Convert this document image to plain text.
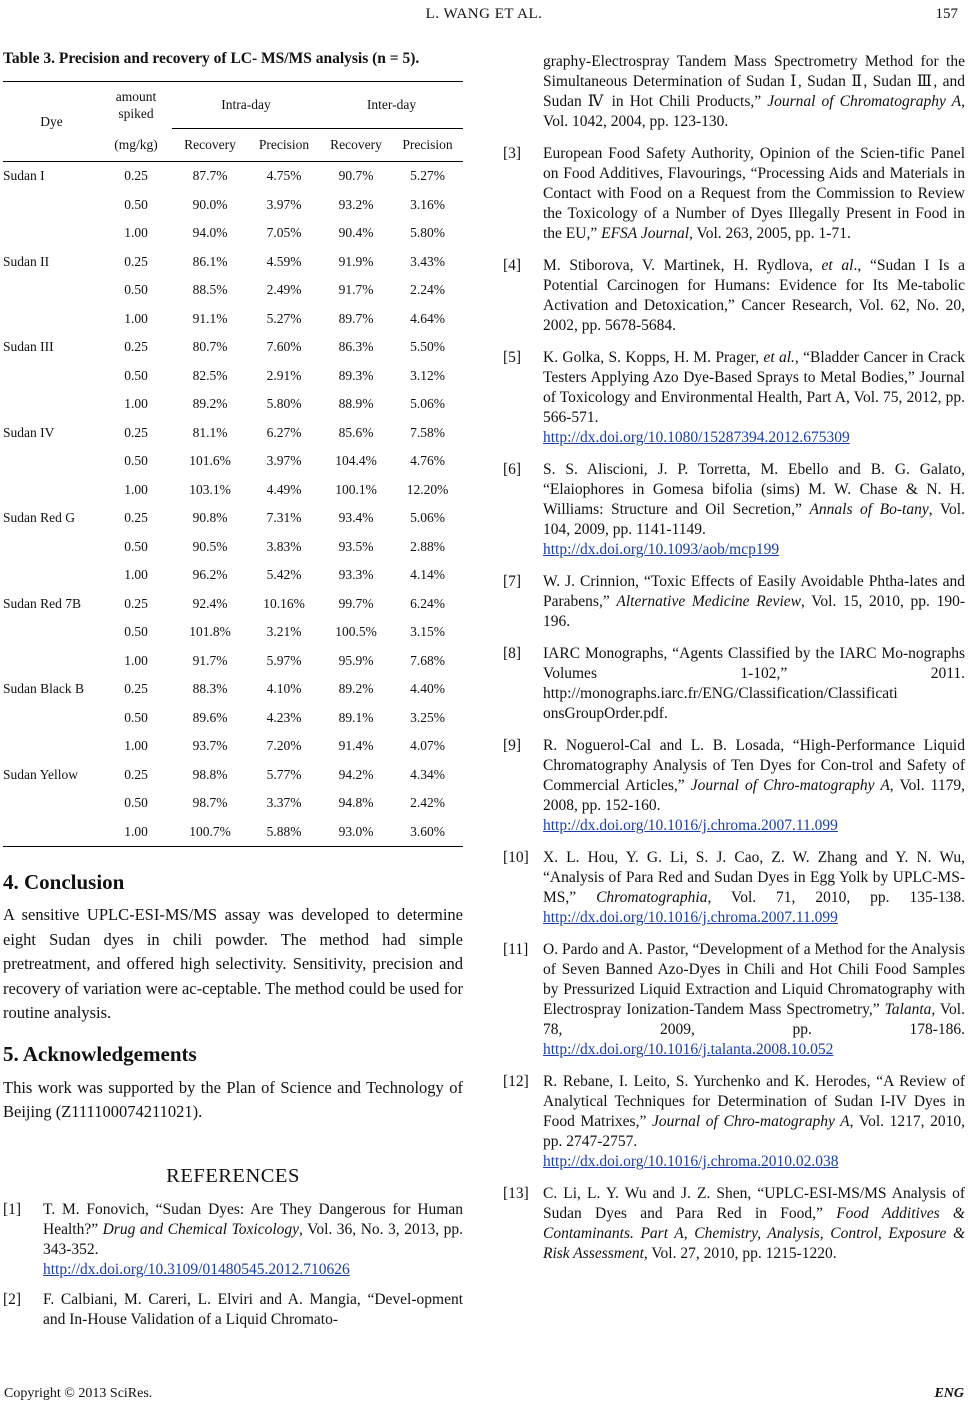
L. WANG ET AL.	157

Table 3. Precision and recovery of LC- MS/MS analysis (n = 5).

Dye	amount spiked	Intra-day		Inter-day	
	(mg/kg)	Recovery	Precision	Recovery	Precision
Sudan I	0.25	87.7%	4.75%	90.7%	5.27%
	0.50	90.0%	3.97%	93.2%	3.16%
	1.00	94.0%	7.05%	90.4%	5.80%
Sudan II	0.25	86.1%	4.59%	91.9%	3.43%
	0.50	88.5%	2.49%	91.7%	2.24%
	1.00	91.1%	5.27%	89.7%	4.64%
Sudan III	0.25	80.7%	7.60%	86.3%	5.50%
	0.50	82.5%	2.91%	89.3%	3.12%
	1.00	89.2%	5.80%	88.9%	5.06%
Sudan IV	0.25	81.1%	6.27%	85.6%	7.58%
	0.50	101.6%	3.97%	104.4%	4.76%
	1.00	103.1%	4.49%	100.1%	12.20%
Sudan Red G	0.25	90.8%	7.31%	93.4%	5.06%
	0.50	90.5%	3.83%	93.5%	2.88%
	1.00	96.2%	5.42%	93.3%	4.14%
Sudan Red 7B	0.25	92.4%	10.16%	99.7%	6.24%
	0.50	101.8%	3.21%	100.5%	3.15%
	1.00	91.7%	5.97%	95.9%	7.68%
Sudan Black B	0.25	88.3%	4.10%	89.2%	4.40%
	0.50	89.6%	4.23%	89.1%	3.25%
	1.00	93.7%	7.20%	91.4%	4.07%
Sudan Yellow	0.25	98.8%	5.77%	94.2%	4.34%
	0.50	98.7%	3.37%	94.8%	2.42%
	1.00	100.7%	5.88%	93.0%	3.60%
4. Conclusion

A sensitive UPLC-ESI-MS/MS assay was developed to determine eight Sudan dyes in chili powder. The method had simple pretreatment, and offered high selectivity. Sensitivity, precision and recovery of variation were ac-ceptable. The method could be used for routine analysis.

5. Acknowledgements

This work was supported by the Plan of Science and Technology of Beijing (Z111100074211021).

REFERENCES
[1] T. M. Fonovich, “Sudan Dyes: Are They Dangerous for Human Health?” Drug and Chemical Toxicology, Vol. 36, No. 3, 2013, pp. 343-352.
http://dx.doi.org/10.3109/01480545.2012.710626
[2] F. Calbiani, M. Careri, L. Elviri and A. Mangia, “Devel-opment and In-House Validation of a Liquid Chromato-
graphy-Electrospray Tandem Mass Spectrometry Method for the Simultaneous Determination of Sudan Ⅰ, Sudan Ⅱ, Sudan Ⅲ, and Sudan Ⅳ in Hot Chili Products,” Journal of Chromatography A, Vol. 1042, 2004, pp. 123-130.
[3] European Food Safety Authority, Opinion of the Scien-tific Panel on Food Additives, Flavourings, “Processing Aids and Materials in Contact with Food on a Request from the Commission to Review the Toxicology of a Number of Dyes Illegally Present in Food in the EU,” EFSA Journal, Vol. 263, 2005, pp. 1-71.
[4] M. Stiborova, V. Martinek, H. Rydlova, et al., “Sudan I Is a Potential Carcinogen for Humans: Evidence for Its Me-tabolic Activation and Detoxication,” Cancer Research, Vol. 62, No. 20, 2002, pp. 5678-5684.
[5] K. Golka, S. Kopps, H. M. Prager, et al., “Bladder Cancer in Crack Testers Applying Azo Dye-Based Sprays to Metal Bodies,” Journal of Toxicology and Environmental Health, Part A, Vol. 75, 2012, pp. 566-571.
http://dx.doi.org/10.1080/15287394.2012.675309
[6] S. S. Aliscioni, J. P. Torretta, M. Ebello and B. G. Galato, “Elaiophores in Gomesa bifolia (sims) M. W. Chase & N. H. Williams: Structure and Oil Secretion,” Annals of Bo-tany, Vol. 104, 2009, pp. 1141-1149.
http://dx.doi.org/10.1093/aob/mcp199
[7] W. J. Crinnion, “Toxic Effects of Easily Avoidable Phtha-lates and Parabens,” Alternative Medicine Review, Vol. 15, 2010, pp. 190-196.
[8] IARC Monographs, “Agents Classified by the IARC Mo-nographs Volumes 1-102,” 2011. http://monographs.iarc.fr/ENG/Classification/Classificati onsGroupOrder.pdf.
[9] R. Noguerol-Cal and L. B. Losada, “High-Performance Liquid Chromatography Analysis of Ten Dyes for Con-trol and Safety of Commercial Articles,” Journal of Chro-matography A, Vol. 1179, 2008, pp. 152-160.
http://dx.doi.org/10.1016/j.chroma.2007.11.099
[10] X. L. Hou, Y. G. Li, S. J. Cao, Z. W. Zhang and Y. N. Wu, “Analysis of Para Red and Sudan Dyes in Egg Yolk by UPLC-MS-MS,” Chromatographia, Vol. 71, 2010, pp. 135-138. http://dx.doi.org/10.1016/j.chroma.2007.11.099
[11] O. Pardo and A. Pastor, “Development of a Method for the Analysis of Seven Banned Azo-Dyes in Chili and Hot Chili Food Samples by Pressurized Liquid Extraction and Liquid Chromatography with Electrospray Ionization-Tandem Mass Spectrometry,” Talanta, Vol. 78, 2009, pp. 178-186. http://dx.doi.org/10.1016/j.talanta.2008.10.052
[12] R. Rebane, I. Leito, S. Yurchenko and K. Herodes, “A Review of Analytical Techniques for Determination of Sudan I-IV Dyes in Food Matrixes,” Journal of Chro-matography A, Vol. 1217, 2010, pp. 2747-2757.
http://dx.doi.org/10.1016/j.chroma.2010.02.038
[13] C. Li, L. Y. Wu and J. Z. Shen, “UPLC-ESI-MS/MS Analysis of Sudan Dyes and Para Red in Food,” Food Additives & Contaminants. Part A, Chemistry, Analysis, Control, Exposure & Risk Assessment, Vol. 27, 2010, pp. 1215-1220.
Copyright © 2013 SciRes.	ENG
